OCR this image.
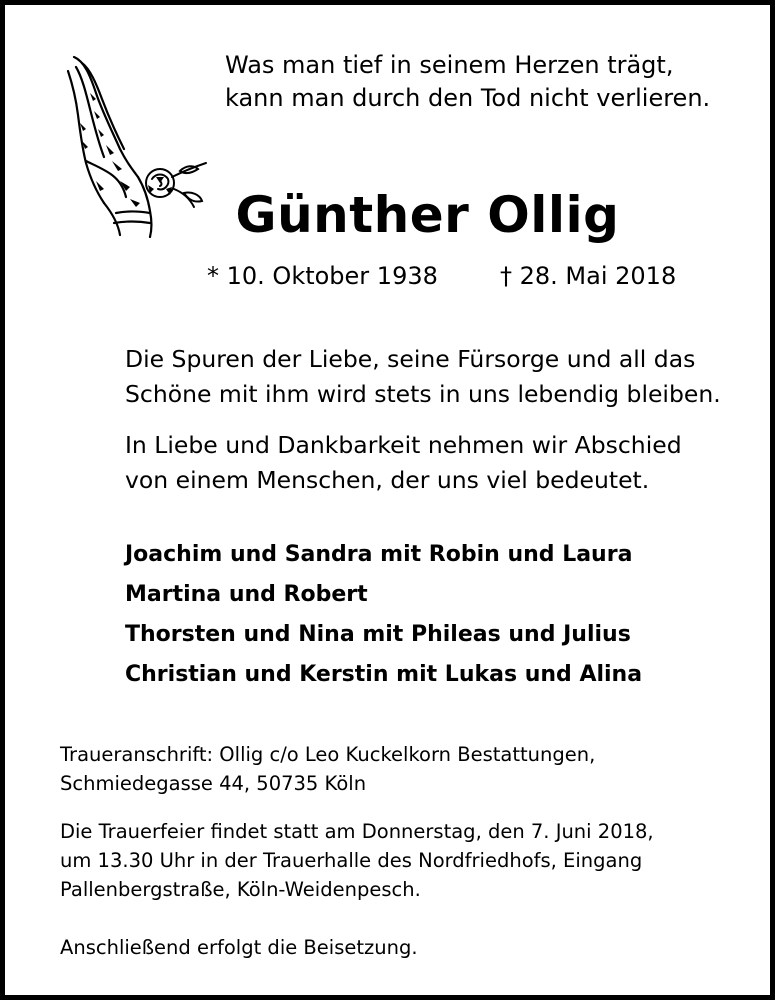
Was man tief in seinem Herzen trägt,
kann man durch den Tod nicht verlieren.
Günther Ollig
* 10. Oktober 1938	† 28. Mai 2018
Die Spuren der Liebe, seine Fürsorge und all das
Schöne mit ihm wird stets in uns lebendig bleiben.
In Liebe und Dankbarkeit nehmen wir Abschied
von einem Menschen, der uns viel bedeutet.
Joachim und Sandra mit Robin und Laura
Martina und Robert
Thorsten und Nina mit Phileas und Julius
Christian und Kerstin mit Lukas und Alina
Traueranschrift: Ollig c/o Leo Kuckelkorn Bestattungen,
Schmiedegasse 44, 50735 Köln
Die Trauerfeier findet statt am Donnerstag, den 7. Juni 2018,
um 13.30 Uhr in der Trauerhalle des Nordfriedhofs, Eingang
Pallenbergstraße, Köln-Weidenpesch.
Anschließend erfolgt die Beisetzung.
